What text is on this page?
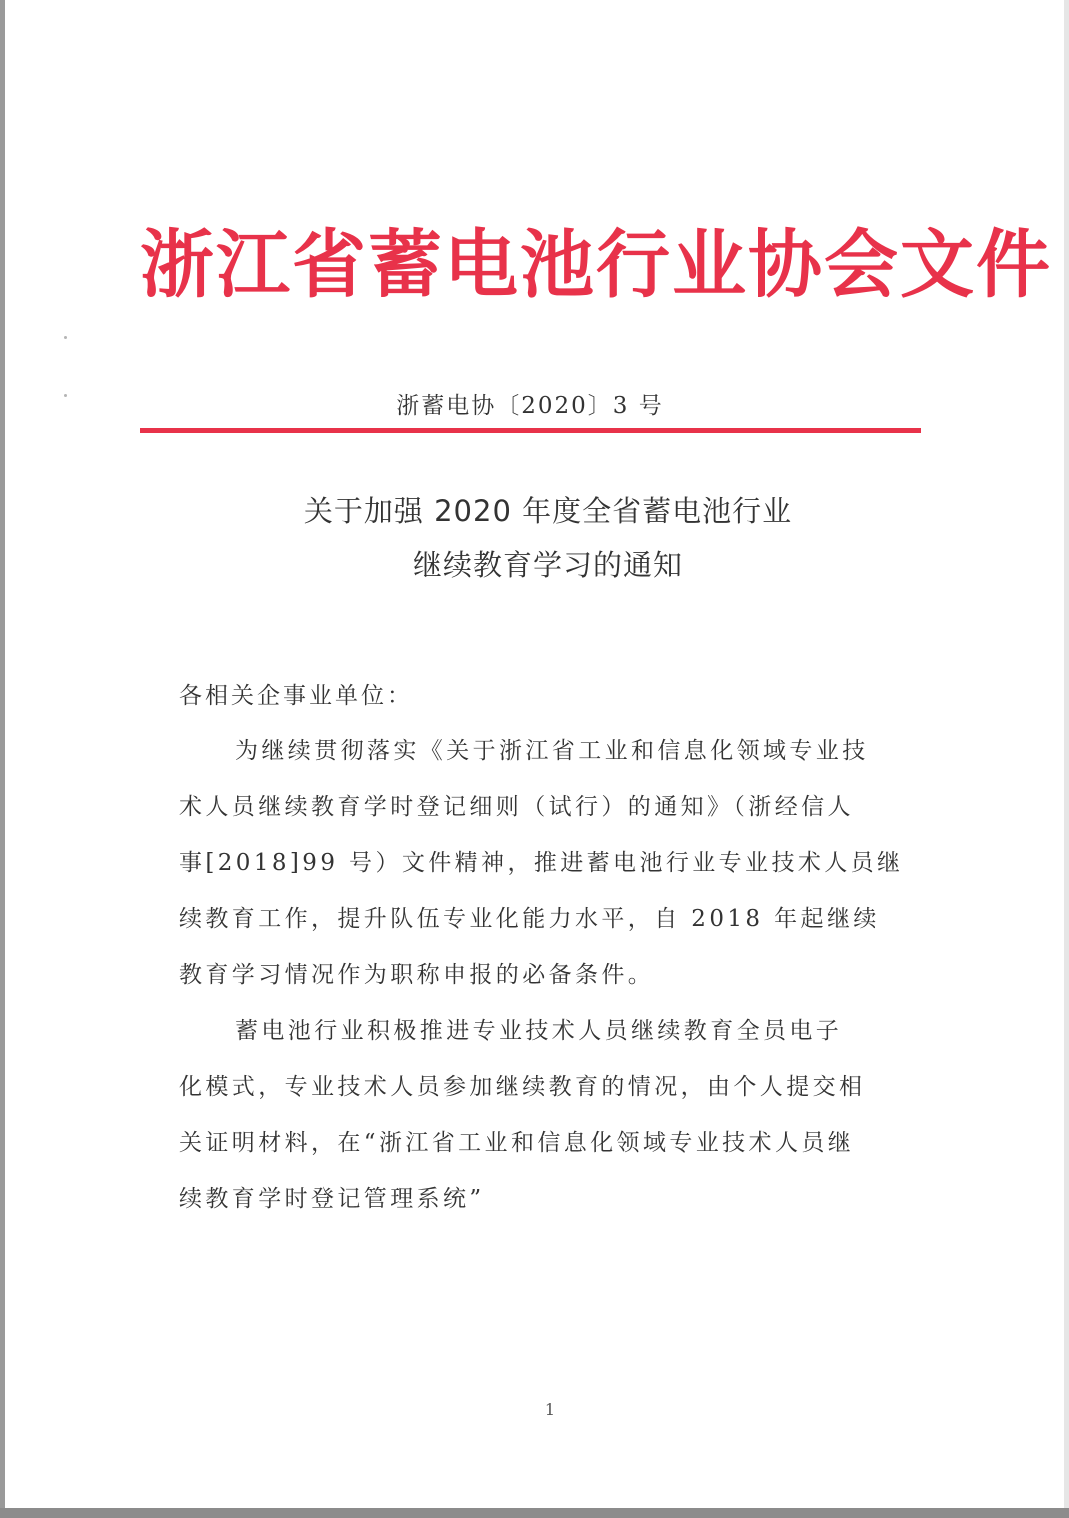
浙江省蓄电池行业协会文件
浙蓄电协〔2020〕3 号
关于加强 2020 年度全省蓄电池行业
继续教育学习的通知
各相关企事业单位：
为继续贯彻落实《关于浙江省工业和信息化领域专业技
术人员继续教育学时登记细则（试行）的通知》（浙经信人
事[2018]99 号）文件精神，推进蓄电池行业专业技术人员继
续教育工作，提升队伍专业化能力水平，自 2018 年起继续
教育学习情况作为职称申报的必备条件。
蓄电池行业积极推进专业技术人员继续教育全员电子
化模式，专业技术人员参加继续教育的情况，由个人提交相
关证明材料，在“浙江省工业和信息化领域专业技术人员继
续教育学时登记管理系统”
1
